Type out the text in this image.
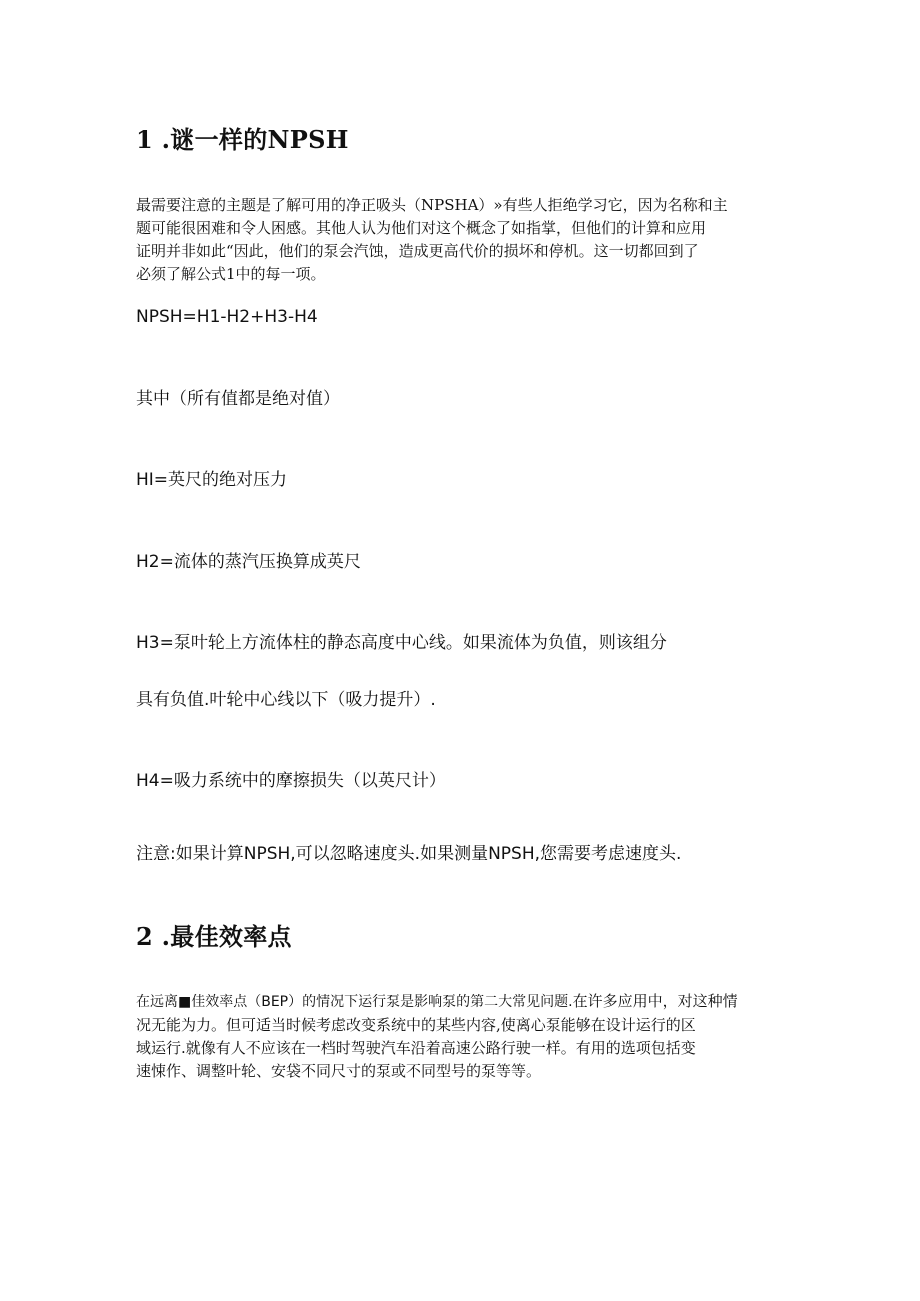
1 .谜一样的NPSH
最需要注意的主题是了解可用的净正吸头（NPSHA）»有些人拒绝学习它，因为名称和主
题可能很困难和令人困感。其他人认为他们对这个概念了如指掌，但他们的计算和应用
证明并非如此“因此，他们的泵会汽蚀，造成更高代价的损坏和停机。这一切都回到了
必须了解公式1中的每一项。
NPSH=H1-H2+H3-H4
其中（所有值都是绝对值）
HI=英尺的绝对压力
H2=流体的蒸汽压换算成英尺
H3=泵叶轮上方流体柱的静态高度中心线。如果流体为负值，则该组分
具有负值.叶轮中心线以下（吸力提升）.
H4=吸力系统中的摩擦损失（以英尺计）
注意:如果计算NPSH,可以忽略速度头.如果测量NPSH,您需要考虑速度头.
2 .最佳效率点
在远离■佳效率点（BEP）的情况下运行泵是影响泵的第二大常见问题.在许多应用中，对这种情
况无能为力。但可适当时候考虑改变系统中的某些内容,使离心泵能够在设计运行的区
域运行.就像有人不应该在一档时驾驶汽车沿着高速公路行驶一样。有用的选项包括变
速悚作、调整叶轮、安袋不同尺寸的泵或不同型号的泵等等。
